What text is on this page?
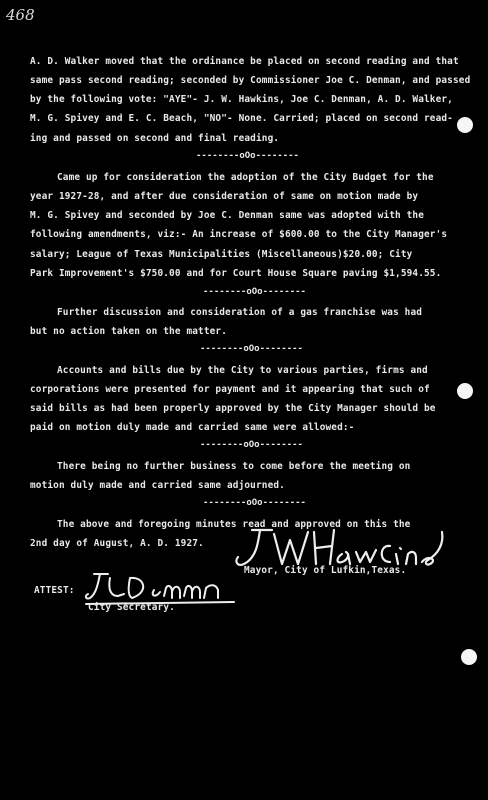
468
A. D. Walker moved that the ordinance be placed on second reading and that
same pass second reading; seconded by Commissioner Joe C. Denman, and passed
by the following vote: "AYE"- J. W. Hawkins, Joe C. Denman, A. D. Walker,
M. G. Spivey and E. C. Beach, "NO"- None. Carried; placed on second read-
ing and passed on second and final reading.
--------oOo--------
Came up for consideration the adoption of the City Budget for the
year 1927-28, and after due consideration of same on motion made by
M. G. Spivey and seconded by Joe C. Denman same was adopted with the
following amendments, viz:- An increase of $600.00 to the City Manager's
salary; League of Texas Municipalities (Miscellaneous)$20.00; City
Park Improvement's $750.00 and for Court House Square paving $1,594.55.
--------oOo--------
Further discussion and consideration of a gas franchise was had
but no action taken on the matter.
--------oOo--------
Accounts and bills due by the City to various parties, firms and
corporations were presented for payment and it appearing that such of
said bills as had been properly approved by the City Manager should be
paid on motion duly made and carried same were allowed:-
--------oOo--------
There being no further business to come before the meeting on
motion duly made and carried same adjourned.
--------oOo--------
The above and foregoing minutes read and approved on this the
2nd day of August, A. D. 1927.
Mayor, City of Lufkin,Texas.
ATTEST:
City Secretary.
